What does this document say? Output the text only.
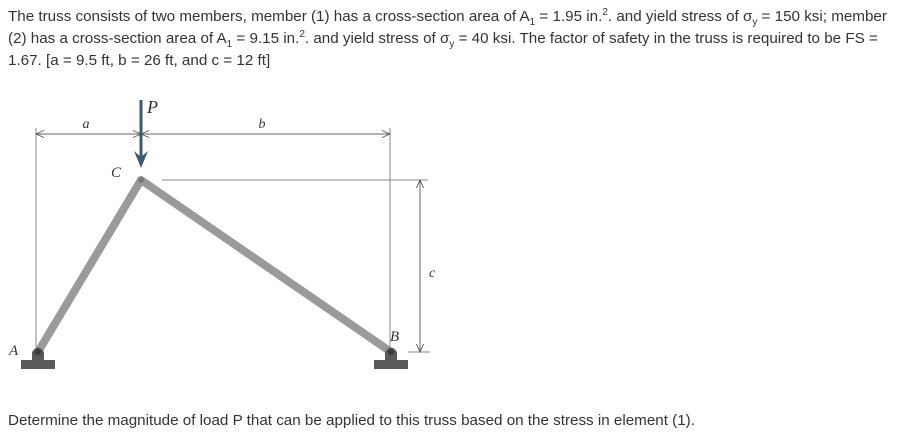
The truss consists of two members, member (1) has a cross-section area of $A_1 = 1.95$ in.$^2$. and yield stress of $\sigma_y = 150$ ksi; member (2) has a cross-section area of $A_1 = 9.15$ in.$^2$. and yield stress of $\sigma_y = 40$ ksi. The factor of safety in the truss is required to be FS = 1.67. [a = 9.5 ft, b = 26 ft, and c = 12 ft]
a	b
c
P
C
A
B
Determine the magnitude of load P that can be applied to this truss based on the stress in element (1).
